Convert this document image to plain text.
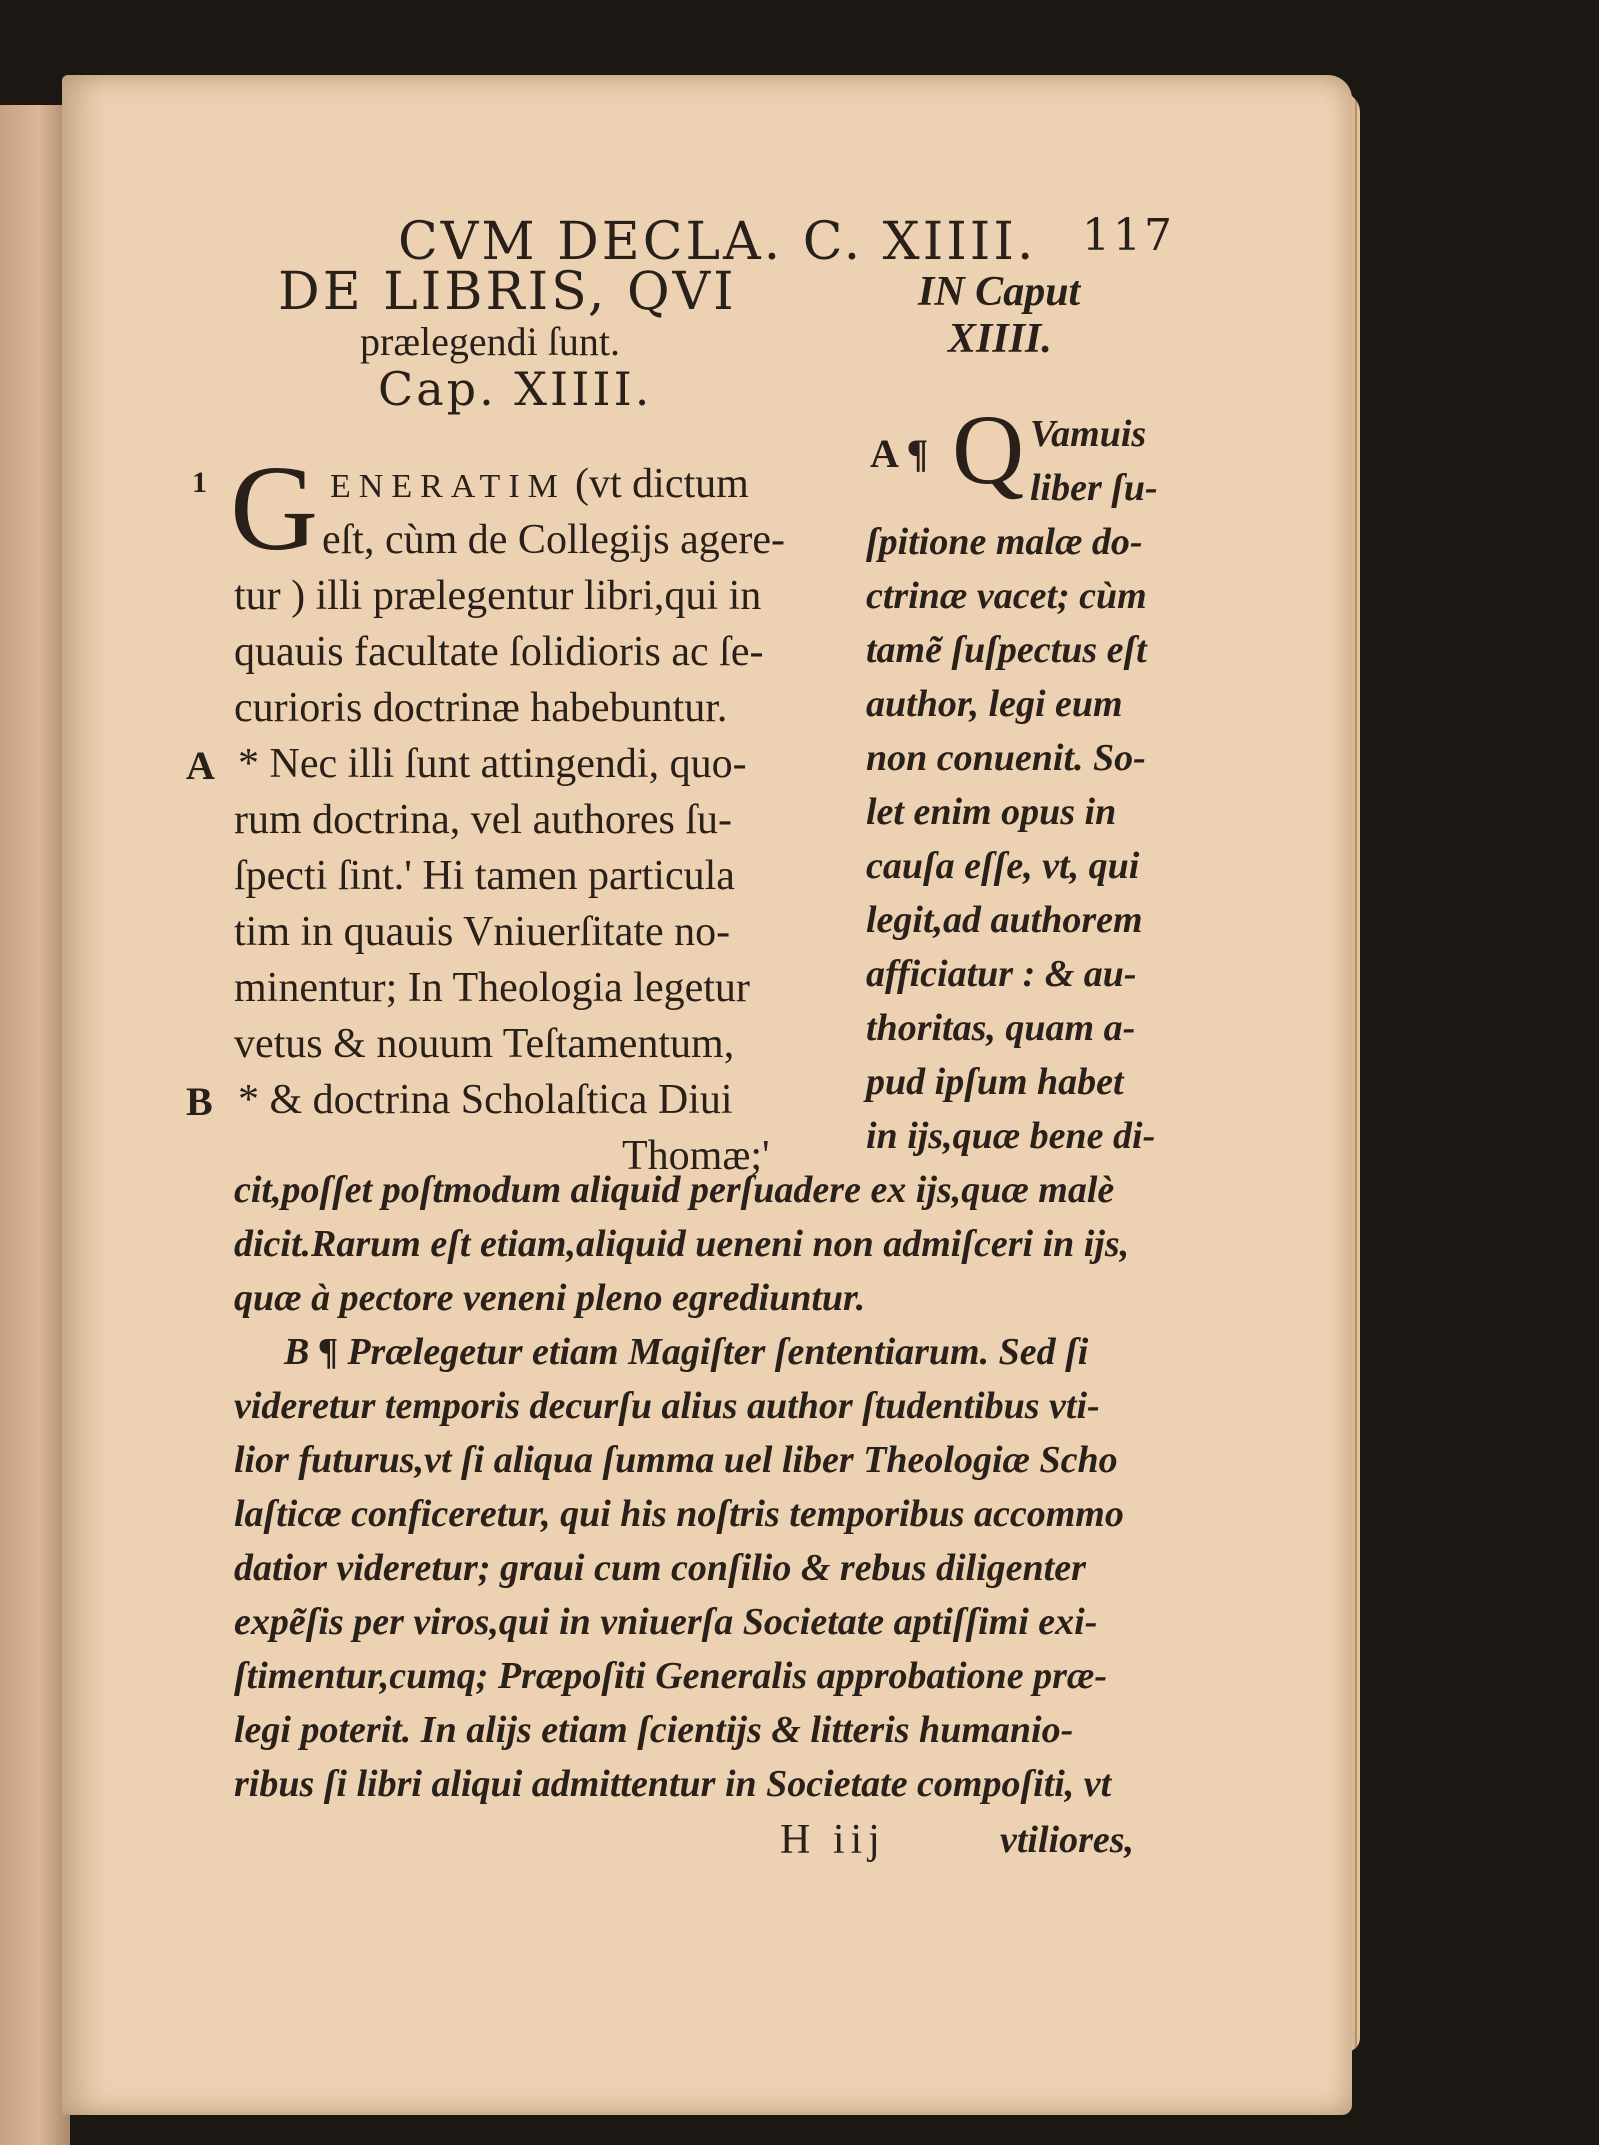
CVM DECLA. C. XIIII. 117
DE LIBRIS, QVI
prælegendi ſunt.
Cap. XIIII.
IN Caput
XIIII.
1 G ENERATIM (vt dictum
eſt, cùm de Collegijs agere-
tur ) illi prælegentur libri,qui in
quauis facultate ſolidioris ac ſe-
curioris doctrinæ habebuntur.
A * Nec illi ſunt attingendi, quo-
rum doctrina, vel authores ſu-
ſpecti ſint.' Hi tamen particula
tim in quauis Vniuerſitate no-
minentur; In Theologia legetur
vetus & nouum Teſtamentum,
B * & doctrina Scholaſtica Diui
Thomæ;'
A ¶ Q Vamuis
liber ſu-
ſpitione malæ do-
ctrinæ vacet; cùm
tamẽ ſuſpectus eſt
author, legi eum
non conuenit. So-
let enim opus in
cauſa eſſe, vt, qui
legit,ad authorem
afficiatur : & au-
thoritas, quam a-
pud ipſum habet
in ijs,quæ bene di-
cit,poſſet poſtmodum aliquid perſuadere ex ijs,quæ malè
dicit.Rarum eſt etiam,aliquid ueneni non admiſceri in ijs,
quæ à pectore veneni pleno egrediuntur.
B ¶ Prælegetur etiam Magiſter ſententiarum. Sed ſi
videretur temporis decurſu alius author ſtudentibus vti-
lior futurus,vt ſi aliqua ſumma uel liber Theologiæ Scho
laſticæ conficeretur, qui his noſtris temporibus accommo
datior videretur; graui cum conſilio & rebus diligenter
expẽſis per viros,qui in vniuerſa Societate aptiſſimi exi-
ſtimentur,cumq; Præpoſiti Generalis approbatione præ-
legi poterit. In alijs etiam ſcientijs & litteris humanio-
ribus ſi libri aliqui admittentur in Societate compoſiti, vt
H iij	vtiliores,
